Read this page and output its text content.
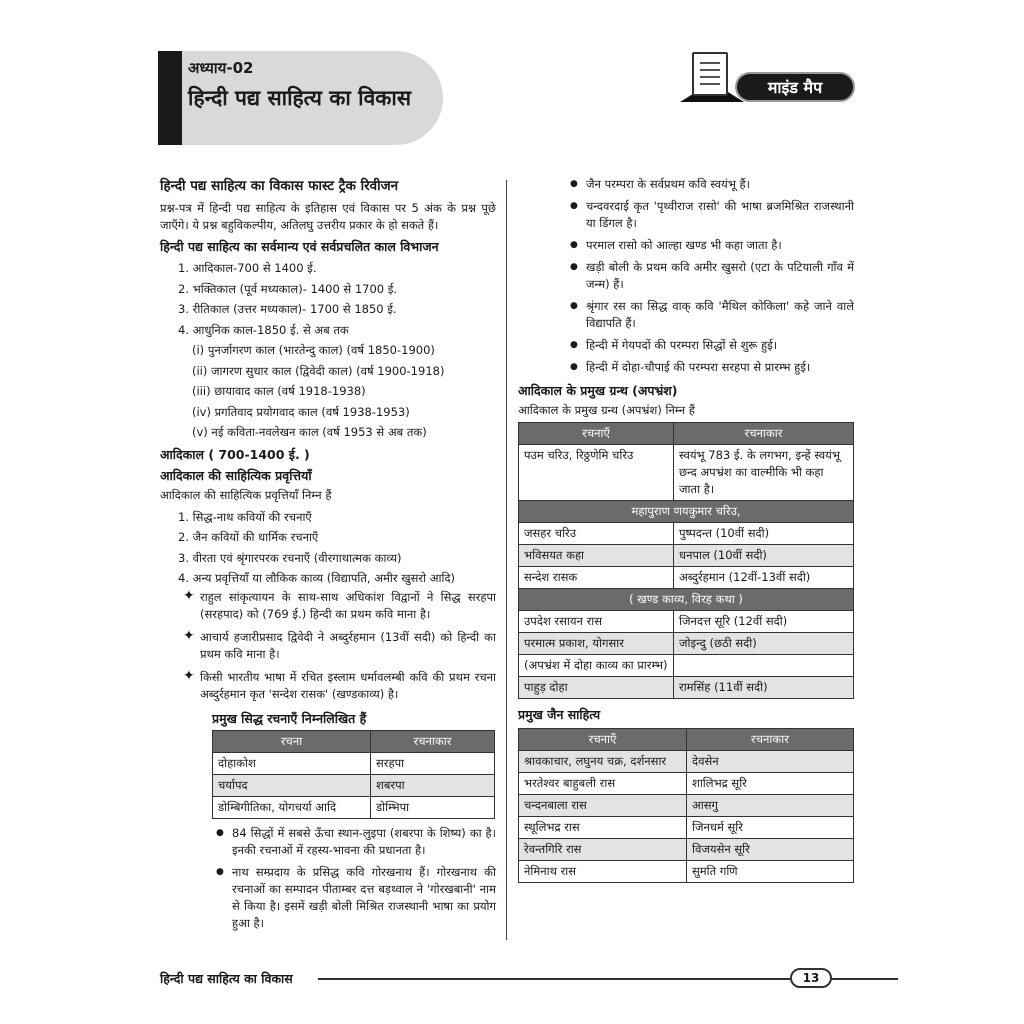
अध्याय-02
हिन्दी पद्य साहित्य का विकास	माइंड मैप
हिन्दी पद्य साहित्य का विकास फास्ट ट्रैक रिवीजन

प्रश्न-पत्र में हिन्दी पद्य साहित्य के इतिहास एवं विकास पर 5 अंक के प्रश्न पूछे जाएँगे। ये प्रश्न बहुविकल्पीय, अतिलघु उत्तरीय प्रकार के हो सकते हैं।

हिन्दी पद्य साहित्य का सर्वमान्य एवं सर्वप्रचलित काल विभाजन
1. आदिकाल-700 से 1400 ई.
2. भक्तिकाल (पूर्व मध्यकाल)- 1400 से 1700 ई.
3. रीतिकाल (उत्तर मध्यकाल)- 1700 से 1850 ई.
4. आधुनिक काल-1850 ई. से अब तक
(i) पुनर्जागरण काल (भारतेन्दु काल) (वर्ष 1850-1900)
(ii) जागरण सुधार काल (द्विवेदी काल) (वर्ष 1900-1918)
(iii) छायावाद काल (वर्ष 1918-1938)
(iv) प्रगतिवाद प्रयोगवाद काल (वर्ष 1938-1953)
(v) नई कविता-नवलेखन काल (वर्ष 1953 से अब तक)
आदिकाल ( 700-1400 ई. )
आदिकाल की साहित्यिक प्रवृत्तियाँ

आदिकाल की साहित्यिक प्रवृत्तियाँ निम्न हैं

1. सिद्ध-नाथ कवियों की रचनाएँ
2. जैन कवियों की धार्मिक रचनाएँ
3. वीरता एवं श्रृंगारपरक रचनाएँ (वीरगाथात्मक काव्य)
4. अन्य प्रवृत्तियाँ या लौकिक काव्य (विद्यापति, अमीर खुसरो आदि)
✦ राहुल सांकृत्यायन के साथ-साथ अधिकांश विद्वानों ने सिद्ध सरहपा (सरहपाद) को (769 ई.) हिन्दी का प्रथम कवि माना है।
✦ आचार्य हजारीप्रसाद द्विवेदी ने अब्दुर्रहमान (13वीं सदी) को हिन्दी का प्रथम कवि माना है।
✦ किसी भारतीय भाषा में रचित इस्लाम धर्मावलम्बी कवि की प्रथम रचना अब्दुर्रहमान कृत 'सन्देश रासक' (खण्डकाव्य) है।
प्रमुख सिद्ध रचनाएँ निम्नलिखित हैं
रचना	रचनाकार
दोहाकोश	सरहपा
चर्यापद	शबरपा
डोम्बिगीतिका, योगचर्या आदि	डोम्भिपा
● 84 सिद्धों में सबसे ऊँचा स्थान-लुइपा (शबरपा के शिष्य) का है। इनकी रचनाओं में रहस्य-भावना की प्रधानता है।
● नाथ सम्प्रदाय के प्रसिद्ध कवि गोरखनाथ हैं। गोरखनाथ की रचनाओं का सम्पादन पीताम्बर दत्त बड़थ्वाल ने 'गोरखबानी' नाम से किया है। इसमें खड़ी बोली मिश्रित राजस्थानी भाषा का प्रयोग हुआ है।
● जैन परम्परा के सर्वप्रथम कवि स्वयंभू हैं।
● चन्दवरदाई कृत 'पृथ्वीराज रासो' की भाषा ब्रजमिश्रित राजस्थानी या डिंगल है।
● परमाल रासो को आल्हा खण्ड भी कहा जाता है।
● खड़ी बोली के प्रथम कवि अमीर खुसरो (एटा के पटियाली गाँव में जन्म) हैं।
● श्रृंगार रस का सिद्ध वाक् कवि 'मैथिल कोकिला' कहे जाने वाले विद्यापति हैं।
● हिन्दी में गेयपदों की परम्परा सिद्धों से शुरू हुई।
● हिन्दी में दोहा-चौपाई की परम्परा सरहपा से प्रारम्भ हुई।
आदिकाल के प्रमुख ग्रन्थ (अपभ्रंश)

आदिकाल के प्रमुख ग्रन्थ (अपभ्रंश) निम्न हैं

रचनाएँ	रचनाकार
पउम चरिउ, रिठ्ठणेमि चरिउ	स्वयंभू 783 ई. के लगभग, इन्हें स्वयंभू छन्द अपभ्रंश का वाल्मीकि भी कहा जाता है।
महापुराण णयकुमार चरिउ,	
जसहर चरिउ	पुष्पदन्त (10वीं सदी)
भविसयत कहा	धनपाल (10वीं सदी)
सन्देश रासक	अब्दुर्रहमान (12वीं-13वीं सदी)
( खण्ड काव्य, विरह कथा )	
उपदेश रसायन रास	जिनदत्त सूरि (12वीं सदी)
परमात्म प्रकाश, योगसार	जोइन्दु (छठी सदी)
(अपभ्रंश में दोहा काव्य का प्रारम्भ)	
पाहुड़ दोहा	रामसिंह (11वीं सदी)
प्रमुख जैन साहित्य
रचनाएँ	रचनाकार
श्रावकाचार, लघुनय चक्र, दर्शनसार	देवसेन
भरतेश्वर बाहुबली रास	शालिभद्र सूरि
चन्दनबाला रास	आसगु
स्थूलिभद्र रास	जिनधर्म सूरि
रेवन्तगिरि रास	विजयसेन सूरि
नेमिनाथ रास	सुमति गणि
हिन्दी पद्य साहित्य का विकास	13
